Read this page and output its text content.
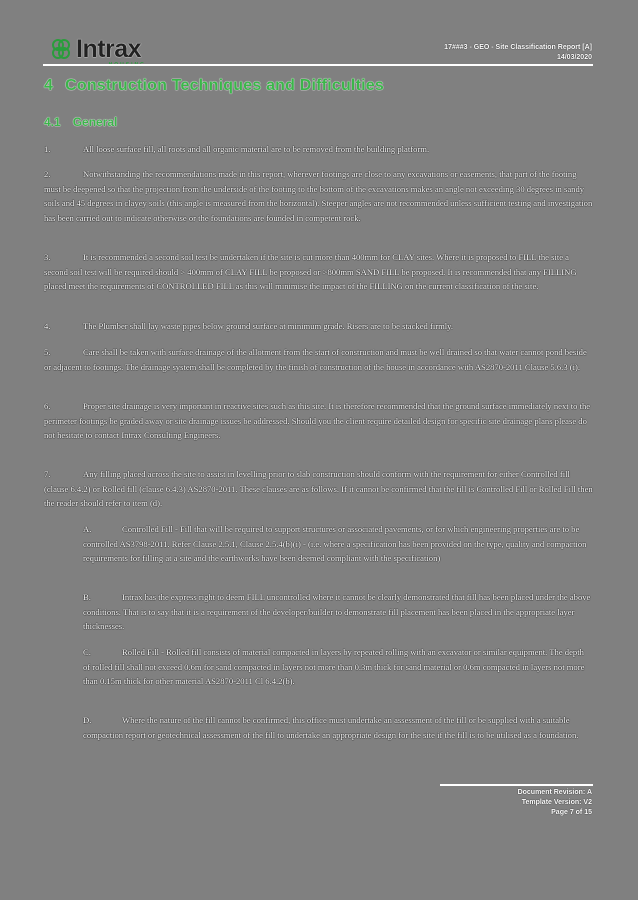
Intrax	17###3 - GEO - Site Classification Report [A]
14/03/2020
4 Construction Techniques and Difficulties
4.1 General
1.	All loose surface fill, all roots and all organic material are to be removed from the building platform.
2.	Notwithstanding the recommendations made in this report, wherever footings are close to any excavations or easements, that part of the footing must be deepened so that the projection from the underside of the footing to the bottom of the excavations makes an angle not exceeding 30 degrees in sandy soils and 45 degrees in clayey soils (this angle is measured from the horizontal). Steeper angles are not recommended unless sufficient testing and investigation has been carried out to indicate otherwise or the foundations are founded in competent rock.
3.	It is recommended a second soil test be undertaken if the site is cut more than 400mm for CLAY sites. Where it is proposed to FILL the site a second soil test will be required should > 400mm of CLAY FILL be proposed or >800mm SAND FILL be proposed. It is recommended that any FILLING placed meet the requirements of CONTROLLED FILL as this will minimise the impact of the FILLING on the current classification of the site.
4.	The Plumber shall lay waste pipes below ground surface at minimum grade. Risers are to be stacked firmly.
5.	Care shall be taken with surface drainage of the allotment from the start of construction and must be well drained so that water cannot pond beside or adjacent to footings. The drainage system shall be completed by the finish of construction of the house in accordance with AS2870-2011 Clause 5.6.3 (i).
6.	Proper site drainage is very important in reactive sites such as this site. It is therefore recommended that the ground surface immediately next to the perimeter footings be graded away or site drainage issues be addressed. Should you the client require detailed design for specific site drainage plans please do not hesitate to contact Intrax Consulting Engineers.
7.	Any filling placed across the site to assist in levelling prior to slab construction should conform with the requirement for either Controlled fill (clause 6.4.2) or Rolled fill (clause 6.4.3) AS2870-2011. These clauses are as follows. If it cannot be confirmed that the fill is Controlled Fill or Rolled Fill then the reader should refer to item (d).
A.	Controlled Fill - Fill that will be required to support structures or associated pavements, or for which engineering properties are to be controlled AS3798-2011. Refer Clause 2.5.1, Clause 2.5.4(b)(i) - (i.e. where a specification has been provided on the type, quality and compaction requirements for filling at a site and the earthworks have been deemed compliant with the specification)
B.	Intrax has the express right to deem FILL uncontrolled where it cannot be clearly demonstrated that fill has been placed under the above conditions. That is to say that it is a requirement of the developer/builder to demonstrate fill placement has been placed in the appropriate layer thicknesses.
C.	Rolled Fill - Rolled fill consists of material compacted in layers by repeated rolling with an excavator or similar equipment. The depth of rolled fill shall not exceed 0.6m for sand compacted in layers not more than 0.3m thick for sand material or 0.6m compacted in layers not more than 0.15m thick for other material AS2870-2011 Cl 6.4.2(b).
D.	Where the nature of the fill cannot be confirmed, this office must undertake an assessment of the fill or be supplied with a suitable compaction report or geotechnical assessment of the fill to undertake an appropriate design for the site if the fill is to be utilised as a foundation.
Document Revision: A
Template Version: V2
Page 7 of 15
